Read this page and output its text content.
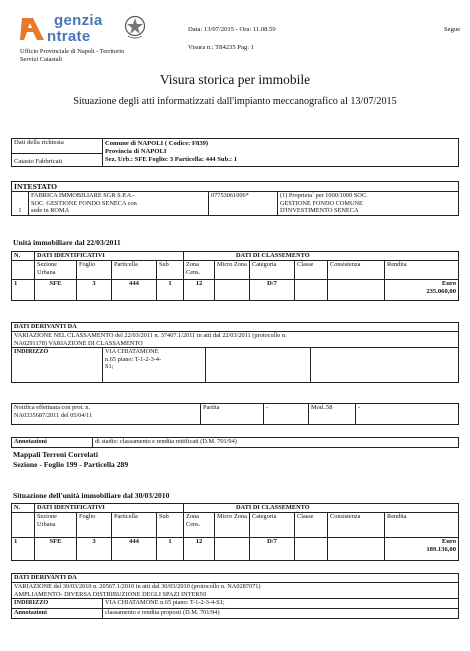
genzia
ntrate
Ufficio Provinciale di Napoli - Territorio
Servizi Catastali
Data: 13/07/2015 - Ora: 11.08.59
Visura n.: T84235 Pag: 1
Segue
Visura storica per immobile
Situazione degli atti informatizzati dall'impianto meccanografico al 13/07/2015
Dati della richiesta	Comune di NAPOLI ( Codice: F839)
Provincia di NAPOLI
Sez. Urb.: SFE Foglio: 3 Particella: 444 Sub.: 1

Catasto Fabbricati
INTESTATO
1	
FABRICA IMMOBILIARE SGR S.P.A.-
SOC. GESTIONE FONDO SENECA con
sede in ROMA
	07753061006*	(1) Proprieta` per 1000/1000 SOC.
GESTIONE FONDO COMUNE
D'INVESTIMENTO SENECA
Unità immobiliare dal 22/03/2011
N.	DATI IDENTIFICATIVI				DATI DI CLASSEMENTO					
	Sezione Urbana	Foglio	Particella	Sub	Zona Cens.	Micro Zona	Categoria	Classe	Consistenza	Rendita
1	SFE	3	444	1	12		D/7			Euro
235.060,00
DATI DERIVANTI DA

VARIAZIONE NEL CLASSAMENTO del 22/03/2011 n. 37407.1/2011 in atti dal 22/03/2011 (protocollo n.
NA0291178) VARIAZIONE DI CLASSAMENTO

INDIRIZZO	VIA CHIATAMONE
n.65 piano: T-1-2-3-4-
S1;

Notifica effettuata con prot. n.
NA0335687/2011 del 05/04/11
	Partita	-	Mod..58	-
Annotazioni	di stadio: classamento e rendita rettificati (D.M. 701/94)
Mappali Terreni Correlati
Sezione - Foglio 199 - Particella 289
Situazione dell'unità immobiliare dal 30/03/2010
N.	DATI IDENTIFICATIVI				DATI DI CLASSEMENTO					
	Sezione Urbana	Foglio	Particella	Sub	Zona Cens.	Micro Zona	Categoria	Classe	Consistenza	Rendita
1	SFE	3	444	1	12		D/7			Euro
189.136,00
DATI DERIVANTI DA	

VARIAZIONE del 30/03/2010 n. 20567.1/2010 in atti dal 30/03/2010 (protocollo n. NA0287071)
AMPLIAMENTO- DIVERSA DISTRIBUZIONE DEGLI SPAZI INTERNI	

INDIRIZZO	VIA CHIATAMONE n.65 piano: T-1-2-3-4-S1;
Annotazioni	classamento e rendita proposti (D.M. 701/94)
